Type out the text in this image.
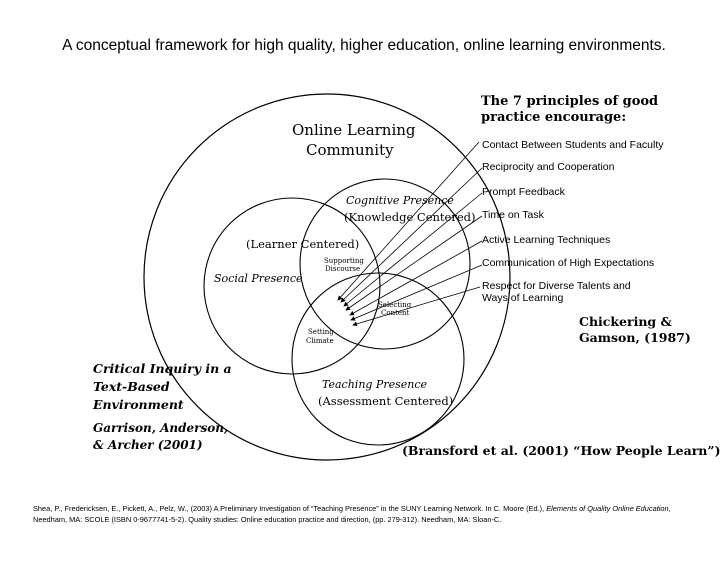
A conceptual framework for high quality, higher education, online learning environments.
Online Learning
Community
Cognitive Presence
(Knowledge Centered)
(Learner Centered)
Social Presence
Supporting
Discourse
Selecting
Content
Setting
Climate
Teaching Presence
(Assessment Centered)
The 7 principles of good
practice encourage:
Contact Between Students and Faculty
Reciprocity and Cooperation
Prompt Feedback
Time on Task
Active Learning Techniques
Communication of High Expectations
Respect for Diverse Talents and
Ways of Learning
Chickering &
Gamson, (1987)
Critical Inquiry in a
Text-Based
Environment
Garrison, Anderson,
& Archer (2001)	(Bransford et al. (2001) “How People Learn”)
Shea, P., Fredericksen, E., Pickett, A., Pelz, W., (2003) A Preliminary Investigation of “Teaching Presence” in the SUNY Learning Network. In C. Moore (Ed.), Elements of Quality Online Education,
Needham, MA: SCOLE (ISBN 0-9677741-5-2). Quality studies: Online education practice and direction, (pp. 279-312). Needham, MA: Sloan-C.
